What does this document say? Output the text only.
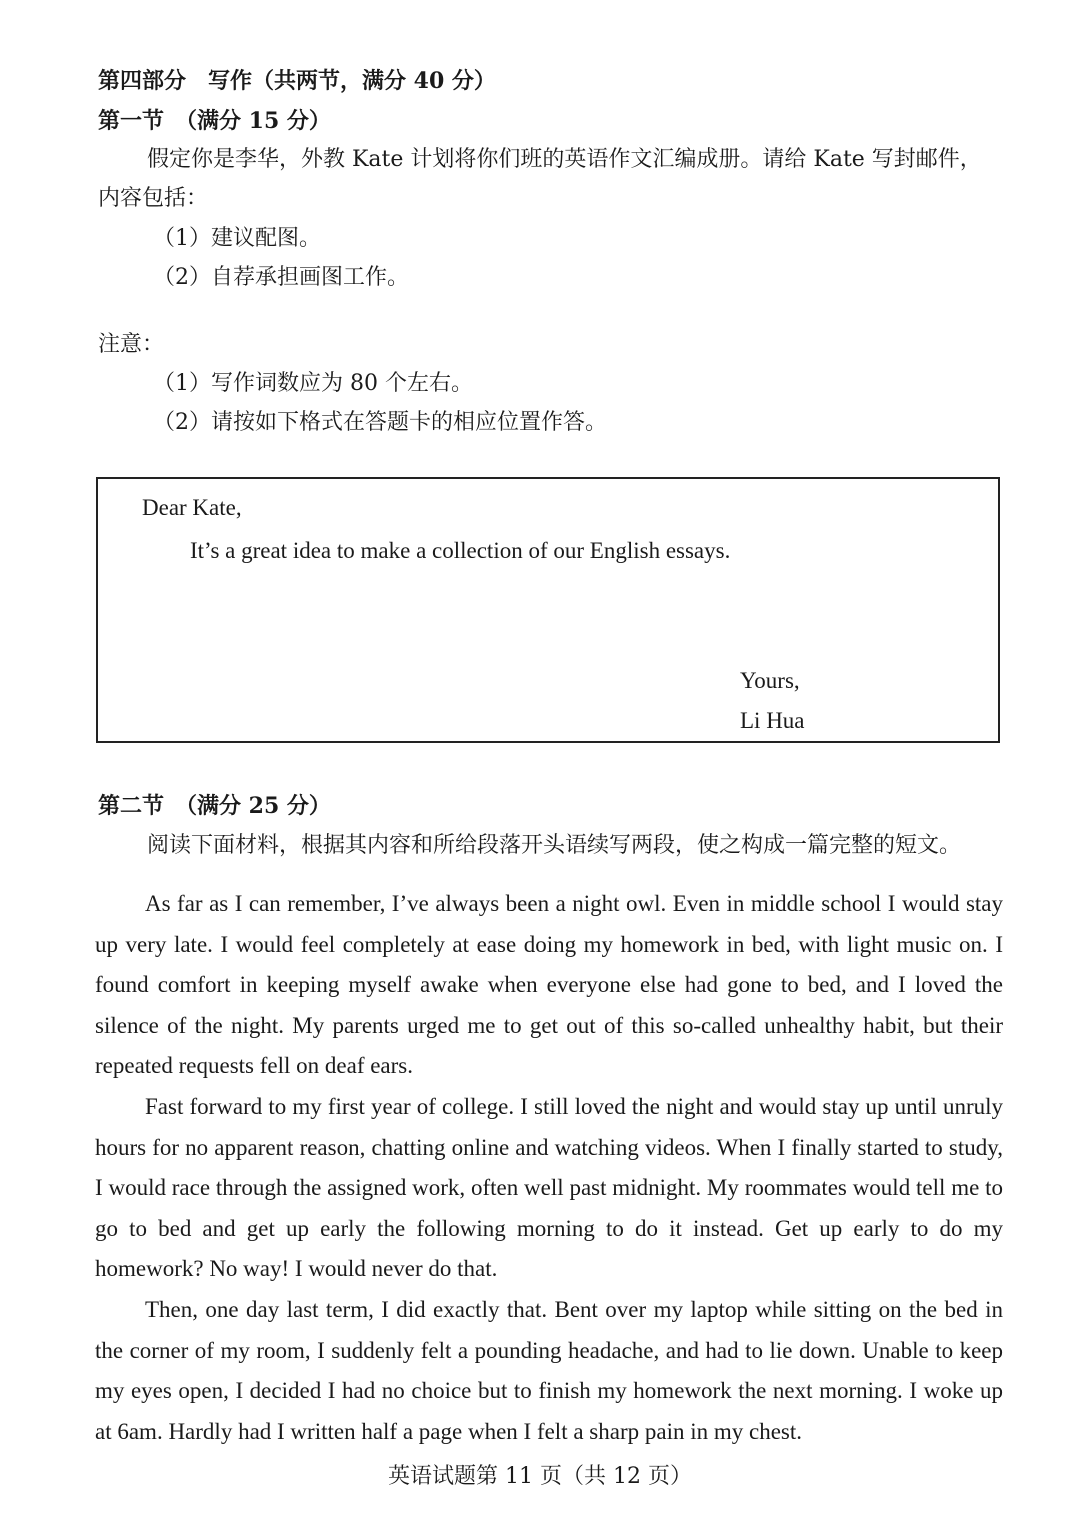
第四部分　写作（共两节，满分 40 分）
第一节　（满分 15 分）
假定你是李华，外教 Kate 计划将你们班的英语作文汇编成册。请给 Kate 写封邮件，
内容包括：
（1）建议配图。
（2）自荐承担画图工作。
注意：
（1）写作词数应为 80 个左右。
（2）请按如下格式在答题卡的相应位置作答。
Dear Kate,
It’s a great idea to make a collection of our English essays.
Yours,
Li Hua
第二节　（满分 25 分）
阅读下面材料，根据其内容和所给段落开头语续写两段，使之构成一篇完整的短文。

As far as I can remember, I’ve always been a night owl. Even in middle school I would stay up very late. I would feel completely at ease doing my homework in bed, with light music on. I found comfort in keeping myself awake when everyone else had gone to bed, and I loved the silence of the night. My parents urged me to get out of this so-called unhealthy habit, but their repeated requests fell on deaf ears.

Fast forward to my first year of college. I still loved the night and would stay up until unruly hours for no apparent reason, chatting online and watching videos. When I finally started to study, I would race through the assigned work, often well past midnight. My roommates would tell me to go to bed and get up early the following morning to do it instead. Get up early to do my homework? No way! I would never do that.

Then, one day last term, I did exactly that. Bent over my laptop while sitting on the bed in the corner of my room, I suddenly felt a pounding headache, and had to lie down. Unable to keep my eyes open, I decided I had no choice but to finish my homework the next morning. I woke up at 6am. Hardly had I written half a page when I felt a sharp pain in my chest.

英语试题第 11 页（共 12 页）
